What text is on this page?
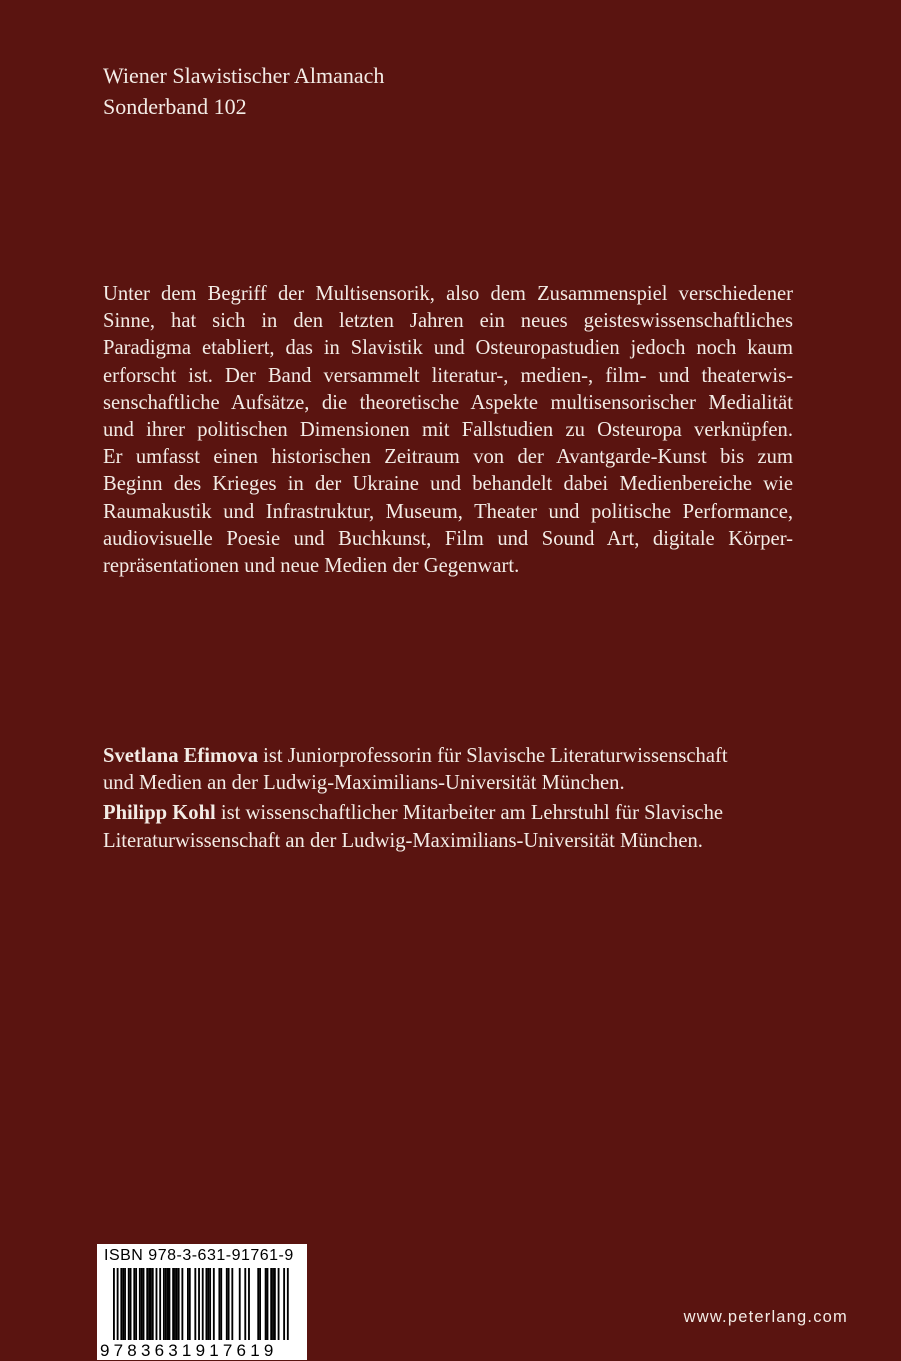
Wiener Slawistischer Almanach
Sonderband 102
Unter dem Begriff der Multisensorik, also dem Zusammenspiel verschiedener
Sinne, hat sich in den letzten Jahren ein neues geisteswissenschaftliches
Paradigma etabliert, das in Slavistik und Osteuropastudien jedoch noch kaum
erforscht ist. Der Band versammelt literatur-, medien-, film- und theaterwis-
senschaftliche Aufsätze, die theoretische Aspekte multisensorischer Medialität
und ihrer politischen Dimensionen mit Fallstudien zu Osteuropa verknüpfen.
Er umfasst einen historischen Zeitraum von der Avantgarde-Kunst bis zum
Beginn des Krieges in der Ukraine und behandelt dabei Medienbereiche wie
Raumakustik und Infrastruktur, Museum, Theater und politische Performance,
audiovisuelle Poesie und Buchkunst, Film und Sound Art, digitale Körper-
repräsentationen und neue Medien der Gegenwart.
Svetlana Efimova ist Juniorprofessorin für Slavische Literaturwissenschaft
und Medien an der Ludwig-Maximilians-Universität München.
Philipp Kohl ist wissenschaftlicher Mitarbeiter am Lehrstuhl für Slavische
Literaturwissenschaft an der Ludwig-Maximilians-Universität München.
ISBN 978-3-631-91761-9
9783631917619
www.peterlang.com
